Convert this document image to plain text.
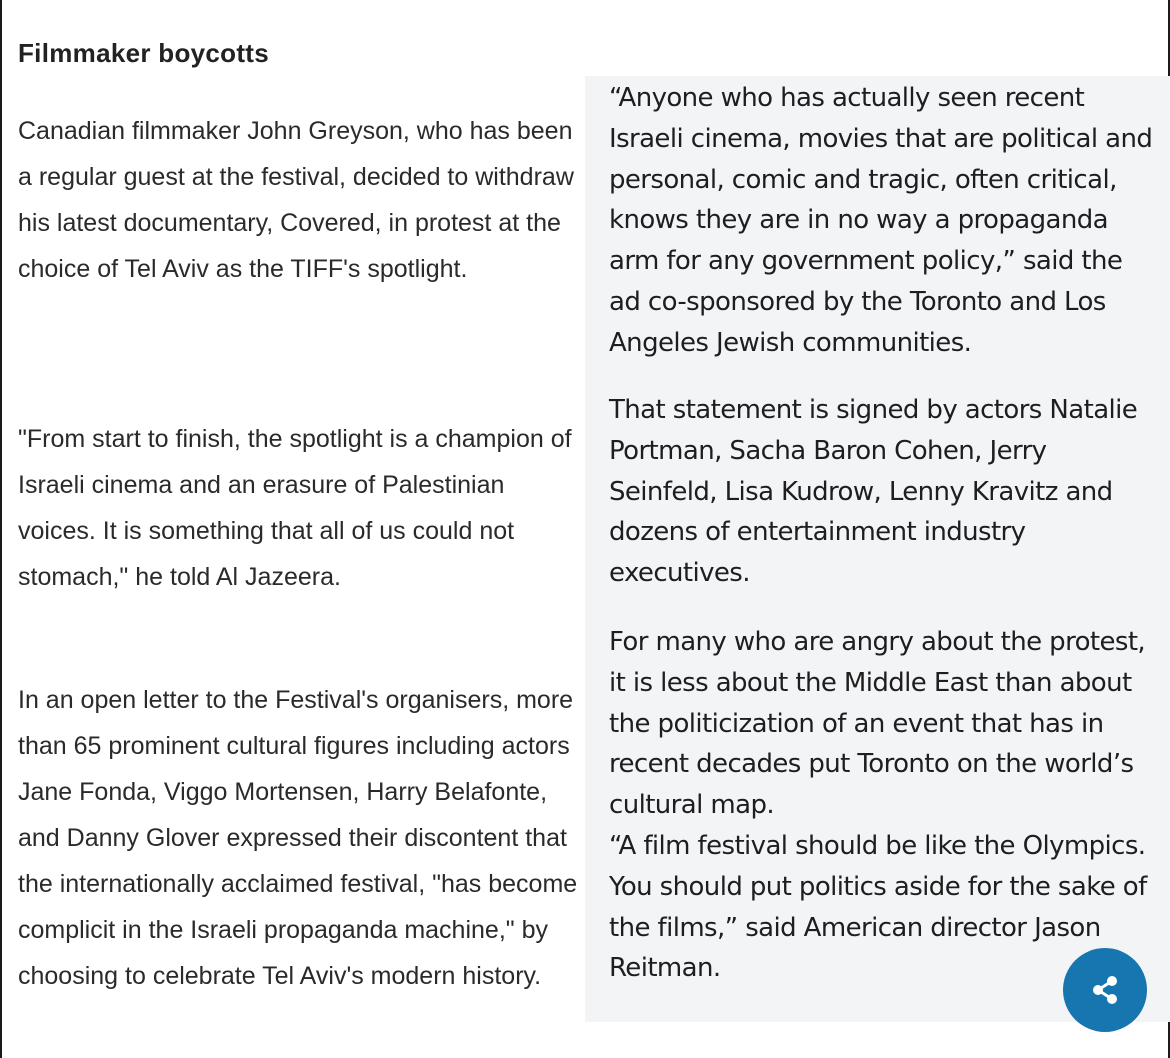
Filmmaker boycotts

Canadian filmmaker John Greyson, who has been a regular guest at the festival, decided to withdraw his latest documentary, Covered, in protest at the choice of Tel Aviv as the TIFF's spotlight.

"From start to finish, the spotlight is a champion of Israeli cinema and an erasure of Palestinian voices. It is something that all of us could not stomach," he told Al Jazeera.

In an open letter to the Festival's organisers, more than 65 prominent cultural figures including actors Jane Fonda, Viggo Mortensen, Harry Belafonte, and Danny Glover expressed their discontent that the internationally acclaimed festival, "has become complicit in the Israeli propaganda machine," by choosing to celebrate Tel Aviv's modern history.

“Anyone who has actually seen recent Israeli cinema, movies that are political and personal, comic and tragic, often critical, knows they are in no way a propaganda arm for any government policy,” said the ad co-sponsored by the Toronto and Los Angeles Jewish communities.

That statement is signed by actors Natalie Portman, Sacha Baron Cohen, Jerry Seinfeld, Lisa Kudrow, Lenny Kravitz and dozens of entertainment industry executives.

For many who are angry about the protest, it is less about the Middle East than about the politicization of an event that has in recent decades put Toronto on the world’s cultural map.

“A film festival should be like the Olympics. You should put politics aside for the sake of the films,” said American director Jason Reitman.
